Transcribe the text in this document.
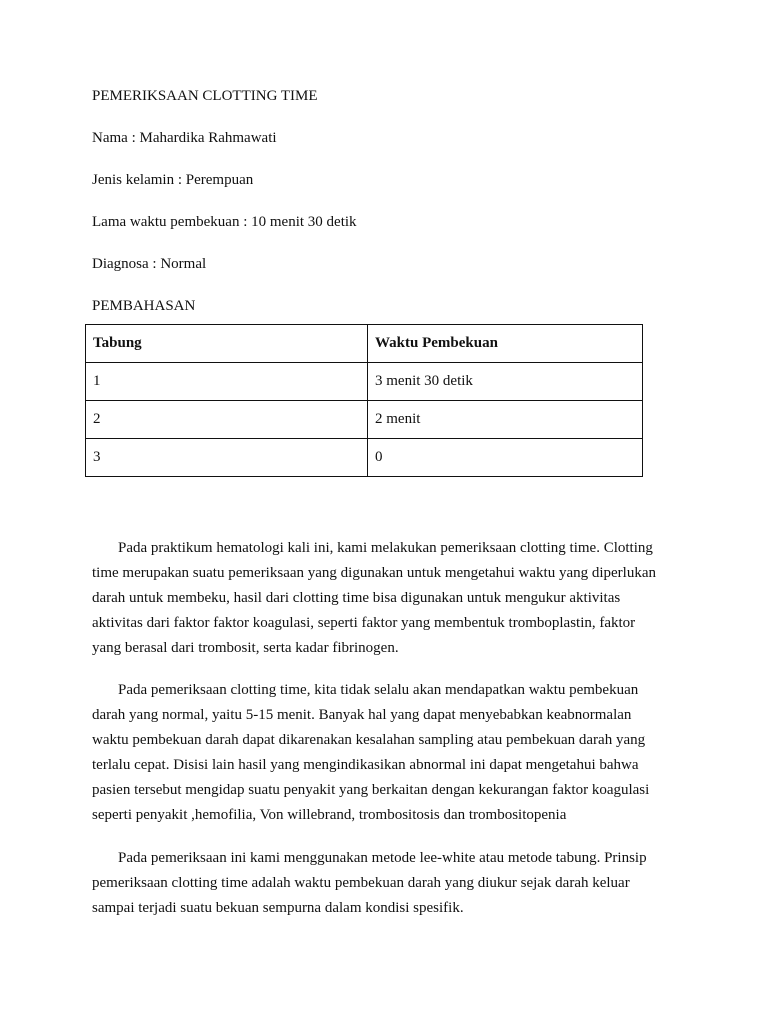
PEMERIKSAAN CLOTTING TIME
Nama : Mahardika Rahmawati
Jenis kelamin : Perempuan
Lama waktu pembekuan : 10 menit 30 detik
Diagnosa : Normal
PEMBAHASAN
Tabung	Waktu Pembekuan
1	3 menit 30 detik
2	2 menit
3	0

Pada praktikum hematologi kali ini, kami melakukan pemeriksaan clotting time. Clotting

time merupakan suatu pemeriksaan yang digunakan untuk mengetahui waktu yang diperlukan

darah untuk membeku, hasil dari clotting time bisa digunakan untuk mengukur aktivitas

aktivitas dari faktor faktor koagulasi, seperti faktor yang membentuk tromboplastin, faktor

yang berasal dari trombosit, serta kadar fibrinogen.

Pada pemeriksaan clotting time, kita tidak selalu akan mendapatkan waktu pembekuan

darah yang normal, yaitu 5-15 menit. Banyak hal yang dapat menyebabkan keabnormalan

waktu pembekuan darah dapat dikarenakan kesalahan sampling atau pembekuan darah yang

terlalu cepat. Disisi lain hasil yang mengindikasikan abnormal ini dapat mengetahui bahwa

pasien tersebut mengidap suatu penyakit yang berkaitan dengan kekurangan faktor koagulasi

seperti penyakit ,hemofilia, Von willebrand, trombositosis dan trombositopenia

Pada pemeriksaan ini kami menggunakan metode lee-white atau metode tabung. Prinsip

pemeriksaan clotting time adalah waktu pembekuan darah yang diukur sejak darah keluar

sampai terjadi suatu bekuan sempurna dalam kondisi spesifik.
